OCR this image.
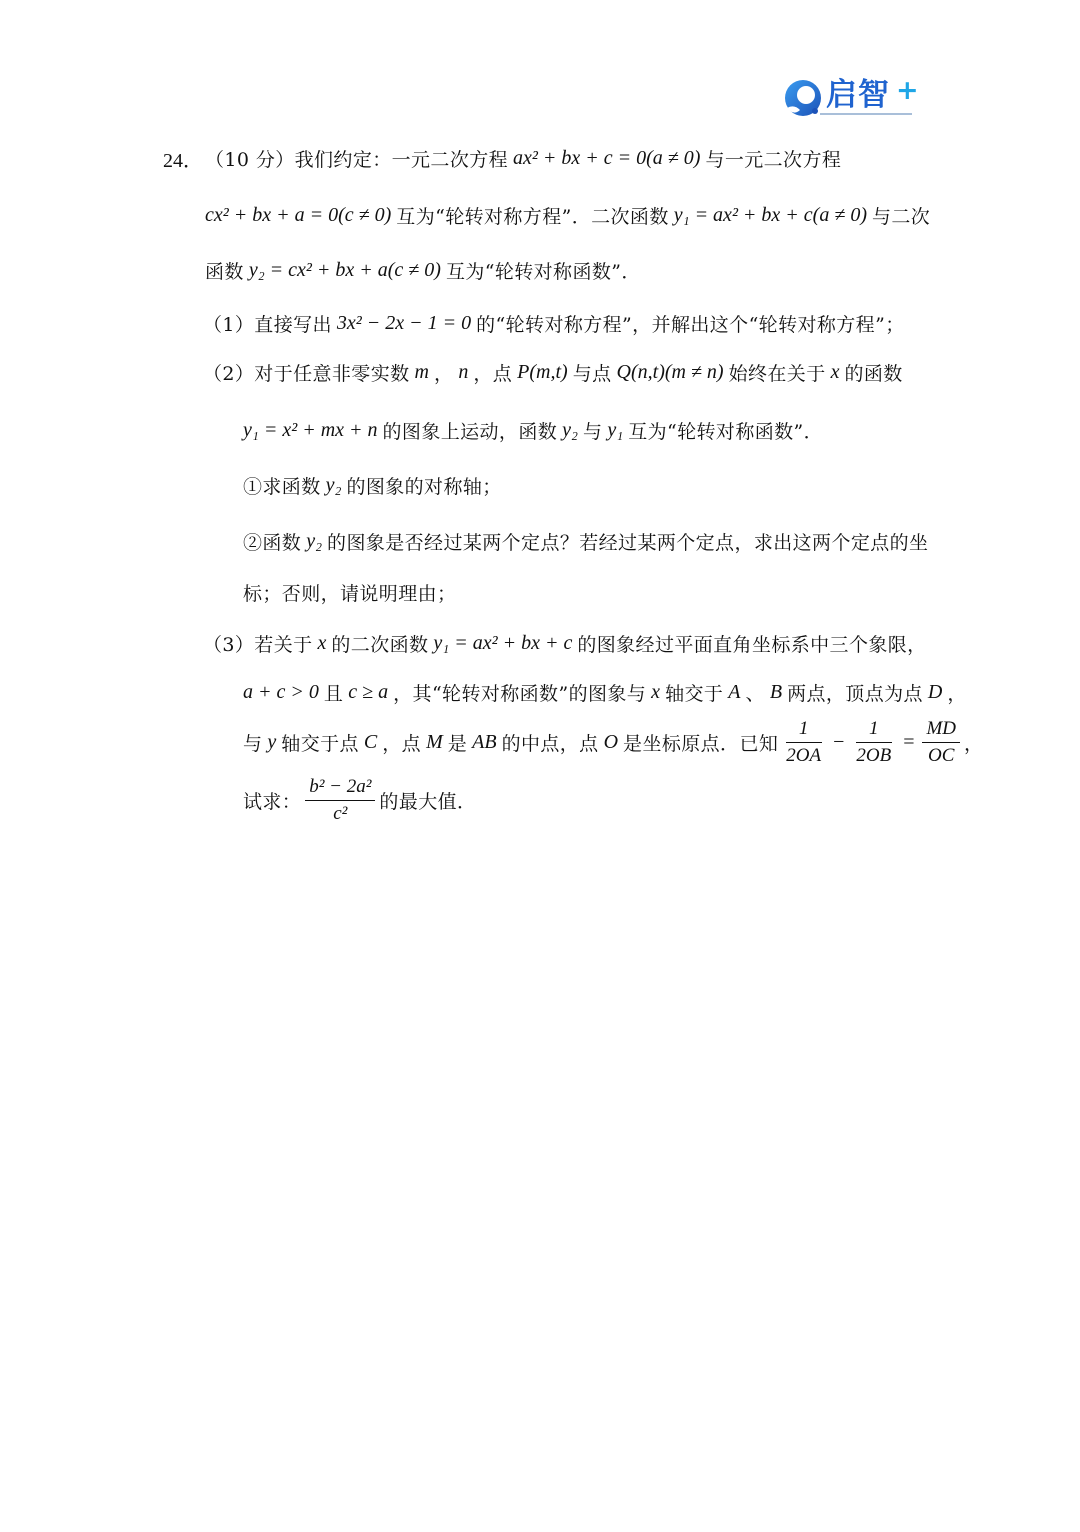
启智 +
24． （10 分）我们约定：一元二次方程 ax² + bx + c = 0(a ≠ 0) 与一元二次方程
cx² + bx + a = 0(c ≠ 0) 互为“轮转对称方程”．二次函数 y₁ = ax² + bx + c(a ≠ 0) 与二次
函数 y₂ = cx² + bx + a(c ≠ 0) 互为“轮转对称函数”．
（1）直接写出 3x² − 2x − 1 = 0 的“轮转对称方程”，并解出这个“轮转对称方程”；
（2）对于任意非零实数 m ， n ，点 P(m,t) 与点 Q(n,t)(m ≠ n) 始终在关于 x 的函数
y₁ = x² + mx + n 的图象上运动，函数 y₂ 与 y₁ 互为“轮转对称函数”．
①求函数 y₂ 的图象的对称轴；
②函数 y₂ 的图象是否经过某两个定点？若经过某两个定点，求出这两个定点的坐
标；否则，请说明理由；
（3）若关于 x 的二次函数 y₁ = ax² + bx + c 的图象经过平面直角坐标系中三个象限，
a + c > 0 且 c ≥ a ，其“轮转对称函数”的图象与 x 轴交于 A 、 B 两点，顶点为点 D ，
与 y 轴交于点 C ，点 M 是 AB 的中点，点 O 是坐标原点．已知 $\frac{1}{2OA} - \frac{1}{2OB} = \frac{MD}{OC}$ ，
试求： $\frac{\text{b² − 2a²}}{\text{c²}}$ 的最大值．
